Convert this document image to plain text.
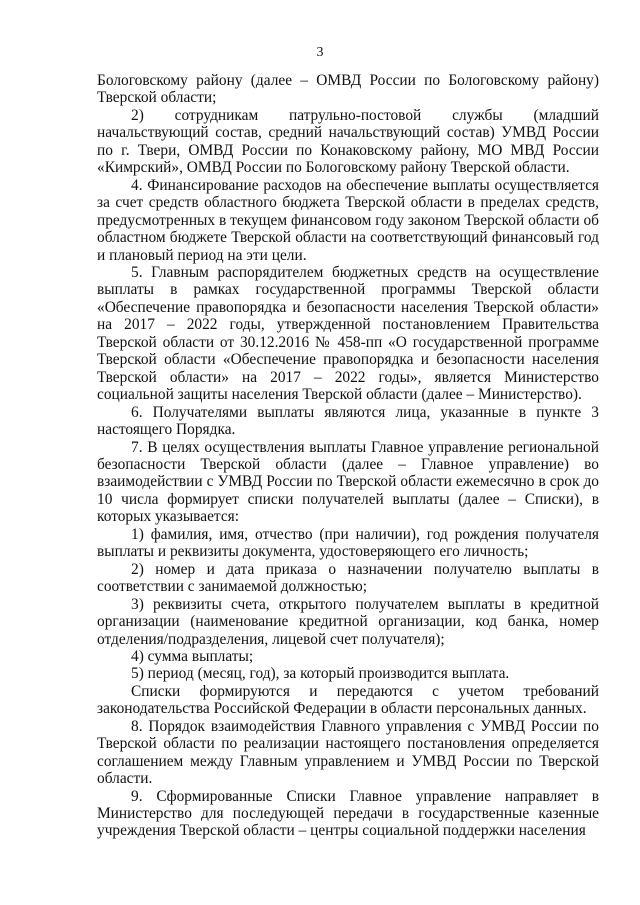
3

Бологовскому району (далее – ОМВД России по Бологовскому району) Тверской области;

2) сотрудникам патрульно-постовой службы (младший начальствующий состав, средний начальствующий состав) УМВД России по г. Твери, ОМВД России по Конаковскому району, МО МВД России «Кимрский», ОМВД России по Бологовскому району Тверской области.

4. Финансирование расходов на обеспечение выплаты осуществляется за счет средств областного бюджета Тверской области в пределах средств, предусмотренных в текущем финансовом году законом Тверской области об областном бюджете Тверской области на соответствующий финансовый год и плановый период на эти цели.

5. Главным распорядителем бюджетных средств на осуществление выплаты в рамках государственной программы Тверской области «Обеспечение правопорядка и безопасности населения Тверской области» на 2017 – 2022 годы, утвержденной постановлением Правительства Тверской области от 30.12.2016 № 458-пп «О государственной программе Тверской области «Обеспечение правопорядка и безопасности населения Тверской области» на 2017 – 2022 годы», является Министерство социальной защиты населения Тверской области (далее – Министерство).

6. Получателями выплаты являются лица, указанные в пункте 3 настоящего Порядка.

7. В целях осуществления выплаты Главное управление региональной безопасности Тверской области (далее – Главное управление) во взаимодействии с УМВД России по Тверской области ежемесячно в срок до 10 числа формирует списки получателей выплаты (далее – Списки), в которых указывается:

1) фамилия, имя, отчество (при наличии), год рождения получателя выплаты и реквизиты документа, удостоверяющего его личность;

2) номер и дата приказа о назначении получателю выплаты в соответствии с занимаемой должностью;

3) реквизиты счета, открытого получателем выплаты в кредитной организации (наименование кредитной организации, код банка, номер отделения/подразделения, лицевой счет получателя);

4) сумма выплаты;

5) период (месяц, год), за который производится выплата.

Списки формируются и передаются с учетом требований законодательства Российской Федерации в области персональных данных.

8. Порядок взаимодействия Главного управления с УМВД России по Тверской области по реализации настоящего постановления определяется соглашением между Главным управлением и УМВД России по Тверской области.

9. Сформированные Списки Главное управление направляет в Министерство для последующей передачи в государственные казенные учреждения Тверской области – центры социальной поддержки населения
